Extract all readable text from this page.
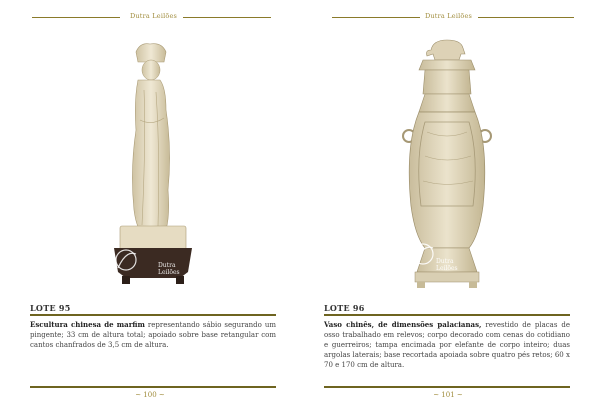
Dutra Leilões
Dutra
Leilões
LOTE 95
Escultura chinesa de marfim representando sábio segurando um pingente; 33 cm de altura total; apoiado sobre base retangular com cantos chanfrados de 3,5 cm de altura.
~ 100 ~
Dutra Leilões
Dutra
Leilões
LOTE 96
Vaso chinês, de dimensões palacianas, revestido de placas de osso trabalhado em relevos; corpo decorado com cenas do cotidiano e guerreiros; tampa encimada por elefante de corpo inteiro; duas argolas laterais; base recortada apoiada sobre quatro pés retos; 60 x 70 e 170 cm de altura.
~ 101 ~
